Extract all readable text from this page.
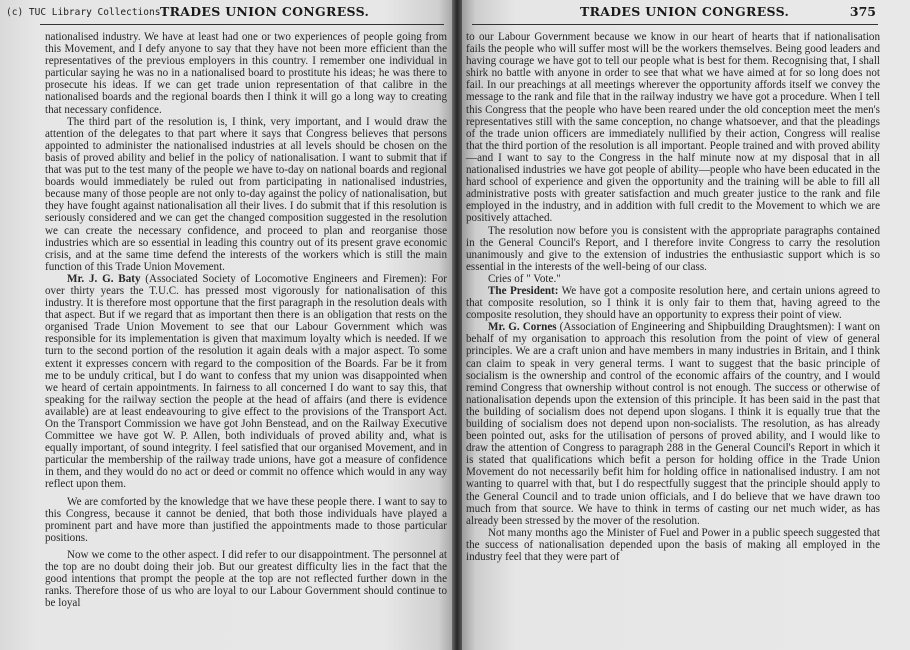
(c) TUC Library Collections TRADES UNION CONGRESS.

nationalised industry. We have at least had one or two experiences of people going from this Movement, and I defy anyone to say that they have not been more efficient than the representatives of the previous employers in this country. I remember one individual in particular saying he was no in a nationalised board to prostitute his ideas; he was there to prosecute his ideas. If we can get trade union representation of that calibre in the nationalised boards and the regional boards then I think it will go a long way to creating that necessary confidence.

The third part of the resolution is, I think, very important, and I would draw the attention of the delegates to that part where it says that Congress believes that persons appointed to administer the nationalised industries at all levels should be chosen on the basis of proved ability and belief in the policy of nationalisation. I want to submit that if that was put to the test many of the people we have to-day on national boards and regional boards would immediately be ruled out from participating in nationalised industries, because many of those people are not only to-day against the policy of nationalisation, but they have fought against nationalisation all their lives. I do submit that if this resolution is seriously considered and we can get the changed composition suggested in the resolution we can create the necessary confidence, and proceed to plan and reorganise those industries which are so essential in leading this country out of its present grave economic crisis, and at the same time defend the interests of the workers which is still the main function of this Trade Union Movement.

Mr. J. G. Baty (Associated Society of Locomotive Engineers and Firemen): For over thirty years the T.U.C. has pressed most vigorously for nationalisation of this industry. It is therefore most opportune that the first paragraph in the resolution deals with that aspect. But if we regard that as important then there is an obligation that rests on the organised Trade Union Movement to see that our Labour Government which was responsible for its implementation is given that maximum loyalty which is needed. If we turn to the second portion of the resolution it again deals with a major aspect. To some extent it expresses concern with regard to the composition of the Boards. Far be it from me to be unduly critical, but I do want to confess that my union was disappointed when we heard of certain appointments. In fairness to all concerned I do want to say this, that speaking for the railway section the people at the head of affairs (and there is evidence available) are at least endeavouring to give effect to the provisions of the Transport Act. On the Transport Commission we have got John Benstead, and on the Railway Executive Committee we have got W. P. Allen, both individuals of proved ability and, what is equally important, of sound integrity. I feel satisfied that our organised Movement, and in particular the membership of the railway trade unions, have got a measure of confidence in them, and they would do no act or deed or commit no offence which would in any way reflect upon them.

We are comforted by the knowledge that we have these people there. I want to say to this Congress, because it cannot be denied, that both those individuals have played a prominent part and have more than justified the appointments made to those particular positions.

Now we come to the other aspect. I did refer to our disappointment. The personnel at the top are no doubt doing their job. But our greatest difficulty lies in the fact that the good intentions that prompt the people at the top are not reflected further down in the ranks. Therefore those of us who are loyal to our Labour Government should continue to be loyal

TRADES UNION CONGRESS.	375

to our Labour Government because we know in our heart of hearts that if nationalisation fails the people who will suffer most will be the workers themselves. Being good leaders and having courage we have got to tell our people what is best for them. Recognising that, I shall shirk no battle with anyone in order to see that what we have aimed at for so long does not fail. In our preachings at all meetings wherever the opportunity affords itself we convey the message to the rank and file that in the railway industry we have got a procedure. When I tell this Congress that the people who have been reared under the old conception meet the men's representatives still with the same conception, no change whatsoever, and that the pleadings of the trade union officers are immediately nullified by their action, Congress will realise that the third portion of the resolution is all important. People trained and with proved ability—and I want to say to the Congress in the half minute now at my disposal that in all nationalised industries we have got people of ability—people who have been educated in the hard school of experience and given the opportunity and the training will be able to fill all administrative posts with greater satisfaction and much greater justice to the rank and file employed in the industry, and in addition with full credit to the Movement to which we are positively attached.

The resolution now before you is consistent with the appropriate paragraphs contained in the General Council's Report, and I therefore invite Congress to carry the resolution unanimously and give to the extension of industries the enthusiastic support which is so essential in the interests of the well-being of our class.

Cries of " Vote."

The President: We have got a composite resolution here, and certain unions agreed to that composite resolution, so I think it is only fair to them that, having agreed to the composite resolution, they should have an opportunity to express their point of view.

Mr. G. Cornes (Association of Engineering and Shipbuilding Draughtsmen): I want on behalf of my organisation to approach this resolution from the point of view of general principles. We are a craft union and have members in many industries in Britain, and I think can claim to speak in very general terms. I want to suggest that the basic principle of socialism is the ownership and control of the economic affairs of the country, and I would remind Congress that ownership without control is not enough. The success or otherwise of nationalisation depends upon the extension of this principle. It has been said in the past that the building of socialism does not depend upon slogans. I think it is equally true that the building of socialism does not depend upon non-socialists. The resolution, as has already been pointed out, asks for the utilisation of persons of proved ability, and I would like to draw the attention of Congress to paragraph 288 in the General Council's Report in which it is stated that qualifications which befit a person for holding office in the Trade Union Movement do not necessarily befit him for holding office in nationalised industry. I am not wanting to quarrel with that, but I do respectfully suggest that the principle should apply to the General Council and to trade union officials, and I do believe that we have drawn too much from that source. We have to think in terms of casting our net much wider, as has already been stressed by the mover of the resolution.

Not many months ago the Minister of Fuel and Power in a public speech suggested that the success of nationalisation depended upon the basis of making all employed in the industry feel that they were part of
